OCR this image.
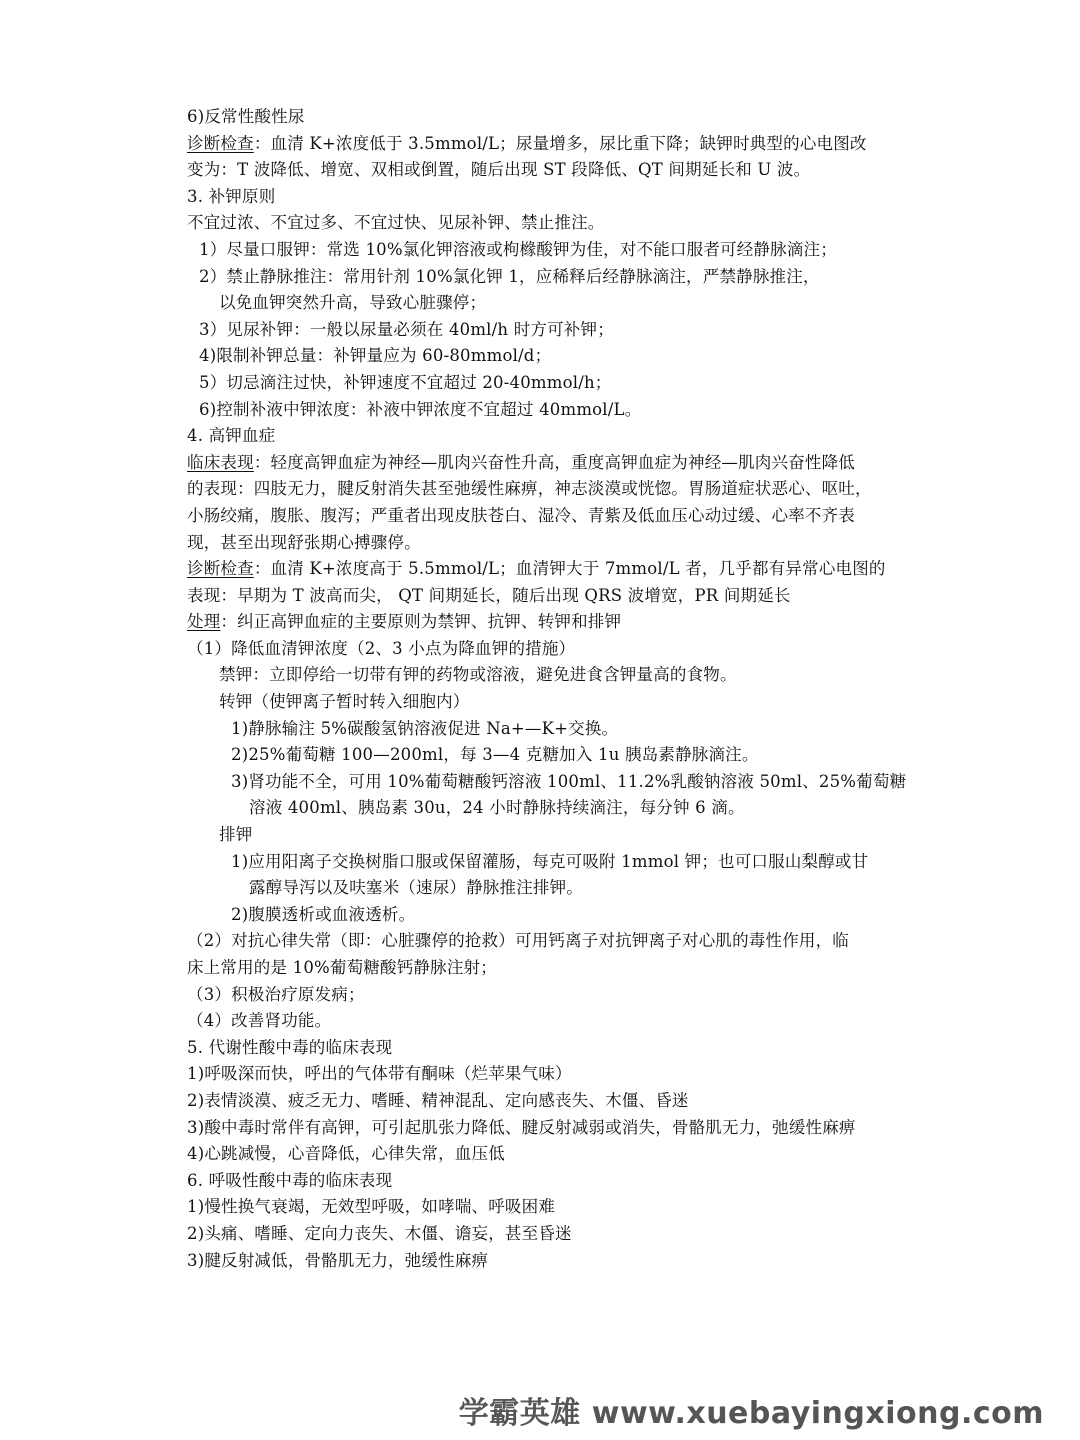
6)反常性酸性尿
诊断检查：血清 K+浓度低于 3.5mmol/L；尿量增多，尿比重下降；缺钾时典型的心电图改
变为：T 波降低、增宽、双相或倒置，随后出现 ST 段降低、QT 间期延长和 U 波。
3. 补钾原则
不宜过浓、不宜过多、不宜过快、见尿补钾、禁止推注。
1）尽量口服钾：常选 10%氯化钾溶液或枸橼酸钾为佳，对不能口服者可经静脉滴注；
2）禁止静脉推注：常用针剂 10%氯化钾 1，应稀释后经静脉滴注，严禁静脉推注，
以免血钾突然升高，导致心脏骤停；
3）见尿补钾：一般以尿量必须在 40ml/h 时方可补钾；
4)限制补钾总量：补钾量应为 60-80mmol/d；
5）切忌滴注过快，补钾速度不宜超过 20-40mmol/h；
6)控制补液中钾浓度：补液中钾浓度不宜超过 40mmol/L。
4. 高钾血症
临床表现：轻度高钾血症为神经—肌肉兴奋性升高，重度高钾血症为神经—肌肉兴奋性降低
的表现：四肢无力，腱反射消失甚至弛缓性麻痹，神志淡漠或恍惚。胃肠道症状恶心、呕吐，
小肠绞痛，腹胀、腹泻；严重者出现皮肤苍白、湿冷、青紫及低血压心动过缓、心率不齐表
现，甚至出现舒张期心搏骤停。
诊断检查：血清 K+浓度高于 5.5mmol/L；血清钾大于 7mmol/L 者，几乎都有异常心电图的
表现：早期为 T 波高而尖， QT 间期延长，随后出现 QRS 波增宽，PR 间期延长
处理：纠正高钾血症的主要原则为禁钾、抗钾、转钾和排钾
（1）降低血清钾浓度（2、3 小点为降血钾的措施）
禁钾：立即停给一切带有钾的药物或溶液，避免进食含钾量高的食物。
转钾（使钾离子暂时转入细胞内）
1)静脉输注 5%碳酸氢钠溶液促进 Na+—K+交换。
2)25%葡萄糖 100—200ml，每 3—4 克糖加入 1u 胰岛素静脉滴注。
3)肾功能不全，可用 10%葡萄糖酸钙溶液 100ml、11.2%乳酸钠溶液 50ml、25%葡萄糖
溶液 400ml、胰岛素 30u，24 小时静脉持续滴注，每分钟 6 滴。
排钾
1)应用阳离子交换树脂口服或保留灌肠，每克可吸附 1mmol 钾；也可口服山梨醇或甘
露醇导泻以及呋塞米（速尿）静脉推注排钾。
2)腹膜透析或血液透析。
（2）对抗心律失常（即：心脏骤停的抢救）可用钙离子对抗钾离子对心肌的毒性作用，临
床上常用的是 10%葡萄糖酸钙静脉注射；
（3）积极治疗原发病；
（4）改善肾功能。
5. 代谢性酸中毒的临床表现
1)呼吸深而快，呼出的气体带有酮味（烂苹果气味）
2)表情淡漠、疲乏无力、嗜睡、精神混乱、定向感丧失、木僵、昏迷
3)酸中毒时常伴有高钾，可引起肌张力降低、腱反射减弱或消失，骨骼肌无力，弛缓性麻痹
4)心跳减慢，心音降低，心律失常，血压低
6. 呼吸性酸中毒的临床表现
1)慢性换气衰竭，无效型呼吸，如哮喘、呼吸困难
2)头痛、嗜睡、定向力丧失、木僵、谵妄，甚至昏迷
3)腱反射减低，骨骼肌无力，弛缓性麻痹
学霸英雄 www.xuebayingxiong.com
